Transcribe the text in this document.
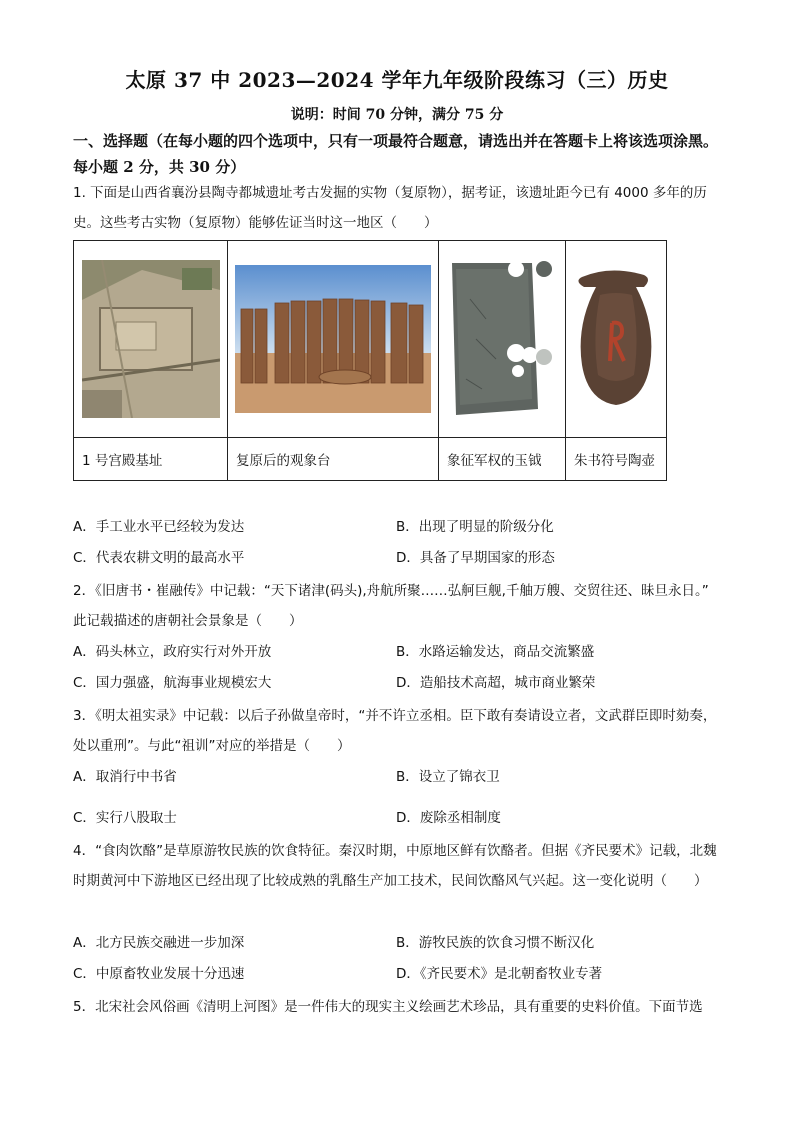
太原 37 中 2023—2024 学年九年级阶段练习（三）历史
说明：时间 70 分钟，满分 75 分
一、选择题（在每小题的四个选项中，只有一项最符合题意，请选出并在答题卡上将该选项涂黑。每小题 2 分，共 30 分）
1. 下面是山西省襄汾县陶寺都城遗址考古发掘的实物（复原物），据考证，该遗址距今已有 4000 多年的历史。这些考古实物（复原物）能够佐证当时这一地区（　　）

1 号宫殿基址	复原后的观象台	象征军权的玉钺	朱书符号陶壶
A．手工业水平已经较为发达	B．出现了明显的阶级分化
C．代表农耕文明的最高水平	D．具备了早期国家的形态
2．《旧唐书・崔融传》中记载：“天下诸津(码头),舟航所聚……弘舸巨舰,千舳万艘、交贸往还、昧旦永日。” 此记载描述的唐朝社会景象是（　　）
A．码头林立，政府实行对外开放	B．水路运输发达，商品交流繁盛
C．国力强盛，航海事业规模宏大	D．造船技术高超，城市商业繁荣
3．《明太祖实录》中记载：以后子孙做皇帝时，“并不许立丞相。臣下敢有奏请设立者，文武群臣即时劾奏，处以重刑”。与此“祖训”对应的举措是（　　）
A．取消行中书省	B．设立了锦衣卫
C．实行八股取士	D．废除丞相制度
4．“食肉饮酪”是草原游牧民族的饮食特征。秦汉时期，中原地区鲜有饮酪者。但据《齐民要术》记载，北魏时期黄河中下游地区已经出现了比较成熟的乳酪生产加工技术，民间饮酪风气兴起。这一变化说明（　　）
A．北方民族交融进一步加深	B．游牧民族的饮食习惯不断汉化
C．中原畜牧业发展十分迅速	D．《齐民要术》是北朝畜牧业专著
5．北宋社会风俗画《清明上河图》是一件伟大的现实主义绘画艺术珍品，具有重要的史料价值。下面节选
